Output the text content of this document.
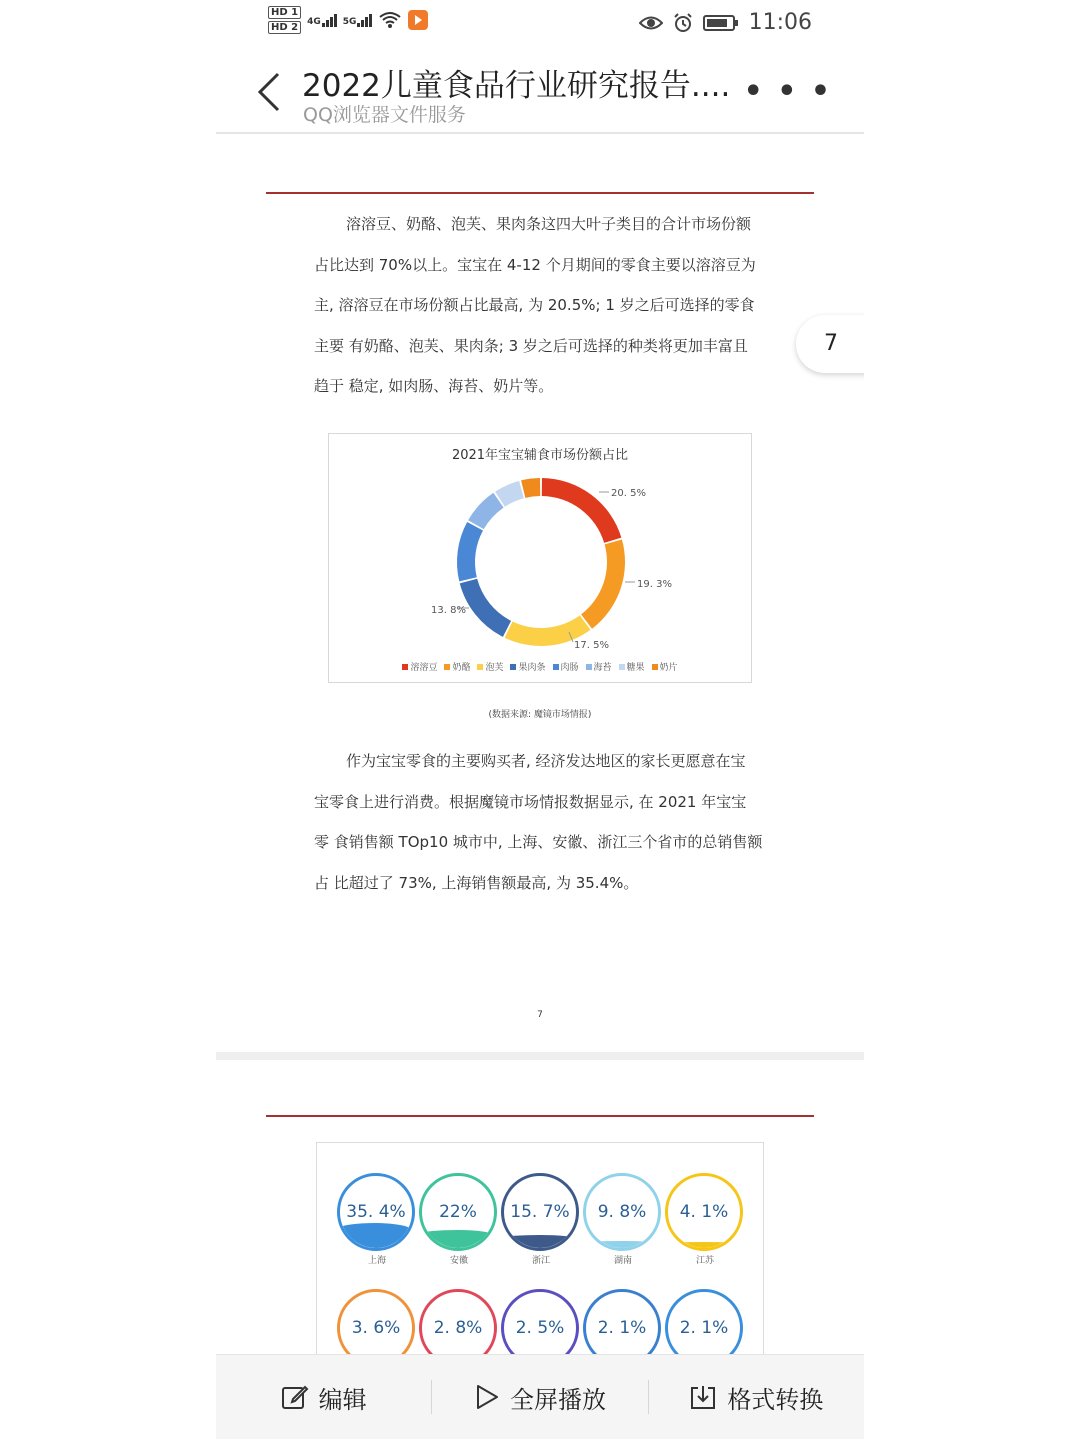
HD 1
HD 2
4G 5G	11:06
2022儿童食品行业研究报告....
QQ浏览器文件服务
• • •

溶溶豆、奶酪、泡芙、果肉条这四大叶子类目的合计市场份额

占比达到 70%以上。宝宝在 4-12 个月期间的零食主要以溶溶豆为

主, 溶溶豆在市场份额占比最高, 为 20.5%; 1 岁之后可选择的零食

主要 有奶酪、泡芙、果肉条; 3 岁之后可选择的种类将更加丰富且

趋于 稳定, 如肉肠、海苔、奶片等。

2021年宝宝辅食市场份额占比
20. 5%
19. 3%
17. 5%
13. 8%
溶溶豆 奶酪 泡芙 果肉条 肉肠 海苔 糖果 奶片
(数据来源: 魔镜市场情报)

作为宝宝零食的主要购买者, 经济发达地区的家长更愿意在宝

宝零食上进行消费。根据魔镜市场情报数据显示, 在 2021 年宝宝

零 食销售额 TOp10 城市中, 上海、安徽、浙江三个省市的总销售额

占 比超过了 73%, 上海销售额最高, 为 35.4%。

7
7
35. 4%
上海
22%
安徽
15. 7%
浙江
9. 8%
湖南
4. 1%
江苏
3. 6%	2. 8%	2. 5%	2. 1%	2. 1%
编辑	全屏播放	格式转换
